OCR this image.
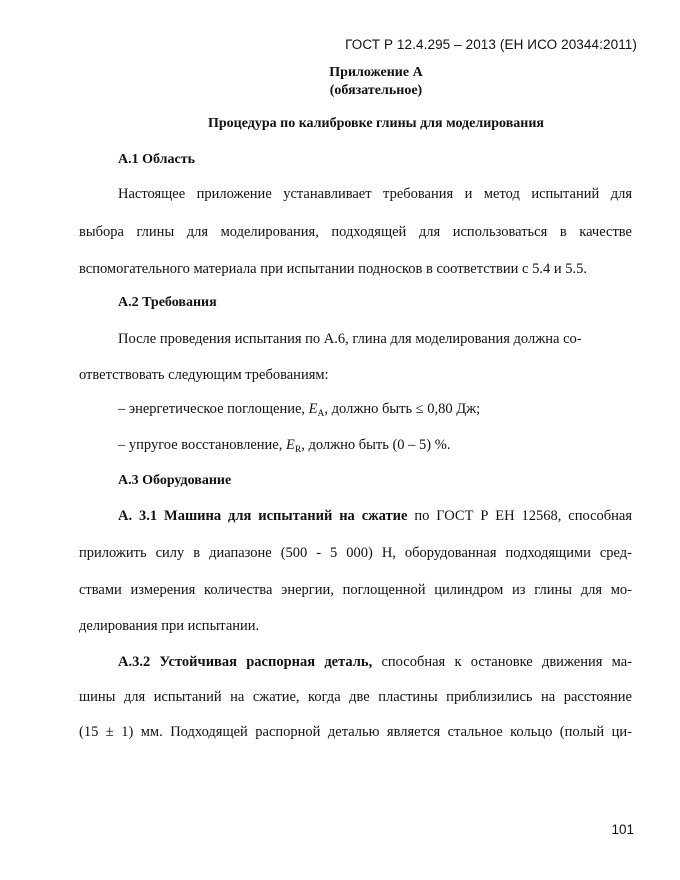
ГОСТ Р 12.4.295 – 2013 (ЕН ИСО 20344:2011)
Приложение А
(обязательное)
Процедура по калибровке глины для моделирования
А.1 Область

Настоящее приложение устанавливает требования и метод испытаний для

выбора глины для моделирования, подходящей для использоваться в качестве

вспомогательного материала при испытании подносков в соответствии с 5.4 и 5.5.

А.2 Требования

После проведения испытания по А.6, глина для моделирования должна со-

ответствовать следующим требованиям:

– энергетическое поглощение, $E_A$, должно быть ≤ 0,80 Дж;

– упругое восстановление, $E_R$, должно быть (0 – 5) %.

А.3 Оборудование

А. 3.1 Машина для испытаний на сжатие по ГОСТ Р ЕН 12568, способная

приложить силу в диапазоне (500 - 5 000) Н, оборудованная подходящими сред-

ствами измерения количества энергии, поглощенной цилиндром из глины для мо-

делирования при испытании.

А.3.2 Устойчивая распорная деталь, способная к остановке движения ма-

шины для испытаний на сжатие, когда две пластины приблизились на расстояние

(15 ± 1) мм. Подходящей распорной деталью является стальное кольцо (полый ци-

101
